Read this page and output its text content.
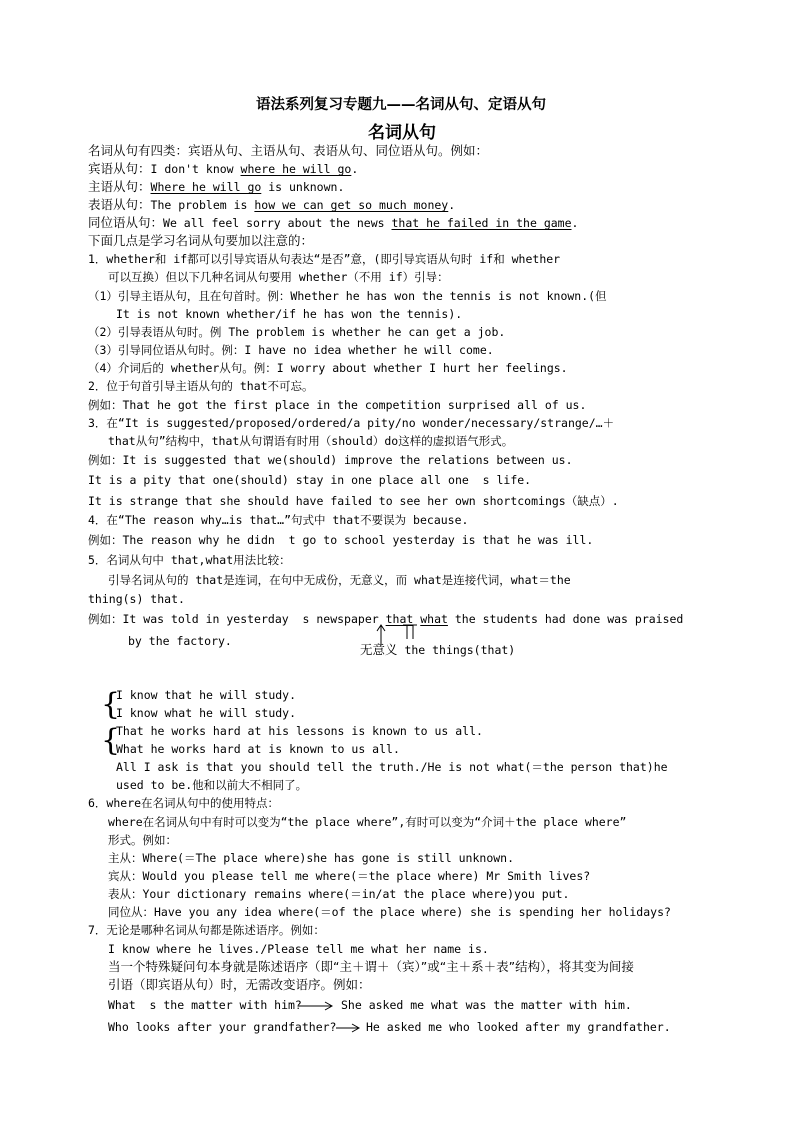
语法系列复习专题九——名词从句、定语从句
名词从句
名词从句有四类：宾语从句、主语从句、表语从句、同位语从句。例如：
宾语从句：I don't know where he will go.
主语从句：Where he will go is unknown.
表语从句：The problem is how we can get so much money.
同位语从句：We all feel sorry about the news that he failed in the game.
下面几点是学习名词从句要加以注意的：
1．whether和 if都可以引导宾语从句表达“是否”意，(即引导宾语从句时 if和 whether
可以互换）但以下几种名词从句要用 whether（不用 if）引导：
（1）引导主语从句，且在句首时。例：Whether he has won the tennis is not known.(但
It is not known whether/if he has won the tennis).
（2）引导表语从句时。例 The problem is whether he can get a job.
（3）引导同位语从句时。例：I have no idea whether he will come.
（4）介词后的 whether从句。例：I worry about whether I hurt her feelings.
2．位于句首引导主语从句的 that不可忘。
例如：That he got the first place in the competition surprised all of us.
3．在“It is suggested/proposed/ordered/a pity/no wonder/necessary/strange/…＋
that从句”结构中，that从句谓语有时用（should）do这样的虚拟语气形式。
例如：It is suggested that we(should) improve the relations between us.
It is a pity that one(should) stay in one place all one  s life.
It is strange that she should have failed to see her own shortcomings（缺点）.
4．在“The reason why…is that…”句式中 that不要误为 because.
例如：The reason why he didn  t go to school yesterday is that he was ill.
5．名词从句中 that,what用法比较：
引导名词从句的 that是连词，在句中无成份，无意义，而 what是连接代词，what＝the
thing(s) that.
例如：It was told in yesterday  s newspaper that what the students had done was praised
by the factory.
无意义 the things(that)
{
I know that he will study.
I know what he will study.
{
That he works hard at his lessons is known to us all.
What he works hard at is known to us all.
All I ask is that you should tell the truth./He is not what(＝the person that)he
used to be.他和以前大不相同了。
6．where在名词从句中的使用特点：
where在名词从句中有时可以变为“the place where”,有时可以变为“介词＋the place where”
形式。例如：
主从：Where(＝The place where)she has gone is still unknown.
宾从：Would you please tell me where(＝the place where) Mr Smith lives?
表从：Your dictionary remains where(＝in/at the place where)you put.
同位从：Have you any idea where(＝of the place where) she is spending her holidays?
7．无论是哪种名词从句都是陈述语序。例如：
I know where he lives./Please tell me what her name is.
当一个特殊疑问句本身就是陈述语序（即“主＋谓＋（宾）”或“主＋系＋表”结构），将其变为间接
引语（即宾语从句）时，无需改变语序。例如：
What  s the matter with him?	She asked me what was the matter with him.
Who looks after your grandfather?	He asked me who looked after my grandfather.
